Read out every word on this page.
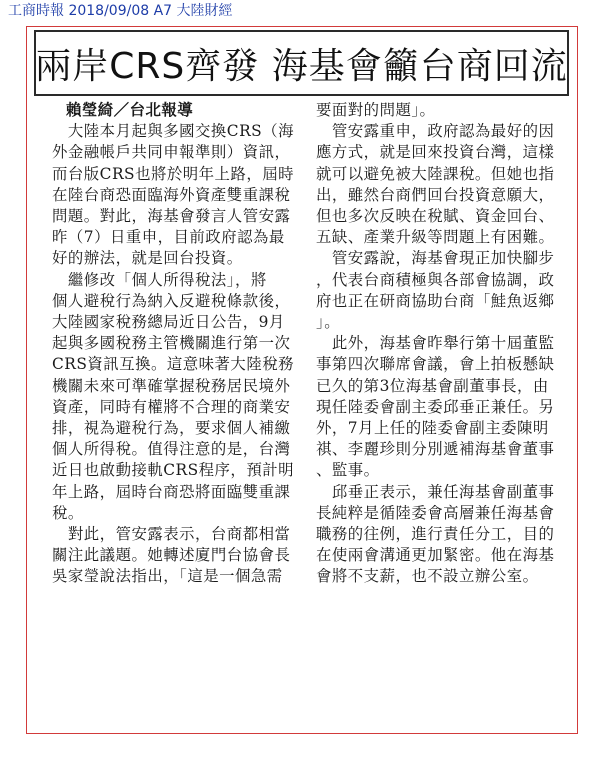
工商時報 2018/09/08 A7 大陸財經
兩岸CRS齊發 海基會籲台商回流

賴瑩綺／台北報導

　大陸本月起與多國交換CRS（海
外金融帳戶共同申報準則）資訊，
而台版CRS也將於明年上路，屆時
在陸台商恐面臨海外資產雙重課稅
問題。對此，海基會發言人管安露
昨（7）日重申，目前政府認為最
好的辦法，就是回台投資。

　繼修改「個人所得稅法」，將
個人避稅行為納入反避稅條款後，
大陸國家稅務總局近日公告，9月
起與多國稅務主管機關進行第一次
CRS資訊互換。這意味著大陸稅務
機關未來可準確掌握稅務居民境外
資產，同時有權將不合理的商業安
排，視為避稅行為，要求個人補繳
個人所得稅。值得注意的是，台灣
近日也啟動接軌CRS程序，預計明
年上路，屆時台商恐將面臨雙重課
稅。

　對此，管安露表示，台商都相當
關注此議題。她轉述廈門台協會長
吳家瑩說法指出，「這是一個急需

要面對的問題」。

　管安露重申，政府認為最好的因
應方式，就是回來投資台灣，這樣
就可以避免被大陸課稅。但她也指
出，雖然台商們回台投資意願大，
但也多次反映在稅賦、資金回台、
五缺、產業升級等問題上有困難。

　管安露說，海基會現正加快腳步
，代表台商積極與各部會協調，政
府也正在研商協助台商「鮭魚返鄉
」。

　此外，海基會昨舉行第十屆董監
事第四次聯席會議，會上拍板懸缺
已久的第3位海基會副董事長，由
現任陸委會副主委邱垂正兼任。另
外，7月上任的陸委會副主委陳明
祺、李麗珍則分別遞補海基會董事
、監事。

　邱垂正表示，兼任海基會副董事
長純粹是循陸委會高層兼任海基會
職務的往例，進行責任分工，目的
在使兩會溝通更加緊密。他在海基
會將不支薪，也不設立辦公室。
